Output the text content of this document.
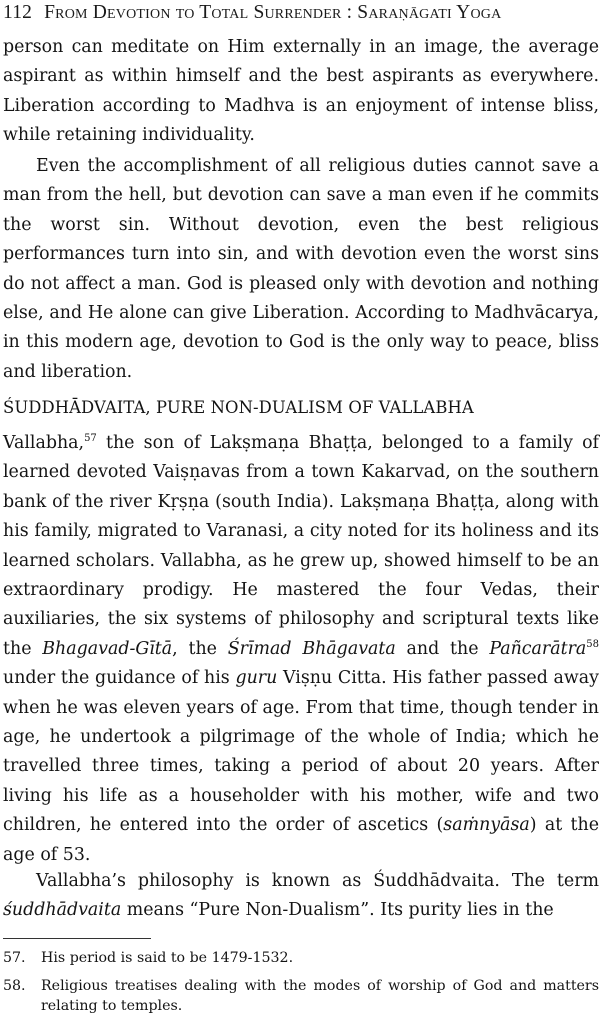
112 From Devotion to Total Surrender : Saraṇāgati Yoga

person can meditate on Him externally in an image, the average aspirant as within himself and the best aspirants as everywhere. Liberation according to Madhva is an enjoyment of intense bliss, while retaining individuality.

Even the accomplishment of all religious duties cannot save a man from the hell, but devotion can save a man even if he commits the worst sin. Without devotion, even the best religious performances turn into sin, and with devotion even the worst sins do not affect a man. God is pleased only with devotion and nothing else, and He alone can give Liberation. According to Madhvācarya, in this modern age, devotion to God is the only way to peace, bliss and liberation.

ŚUDDHĀDVAITA, PURE NON-DUALISM OF VALLABHA

Vallabha,$^{57}$ the son of Lakṣmaṇa Bhaṭṭa, belonged to a family of learned devoted Vaiṣṇavas from a town Kakarvad, on the southern bank of the river Kṛṣṇa (south India). Lakṣmaṇa Bhaṭṭa, along with his family, migrated to Varanasi, a city noted for its holiness and its learned scholars. Vallabha, as he grew up, showed himself to be an extraordinary prodigy. He mastered the four Vedas, their auxiliaries, the six systems of philosophy and scriptural texts like the Bhagavad-Gītā, the Śrīmad Bhāgavata and the Pañcarātra$^{58}$ under the guidance of his guru Viṣṇu Citta. His father passed away when he was eleven years of age. From that time, though tender in age, he undertook a pilgrimage of the whole of India; which he travelled three times, taking a period of about 20 years. After living his life as a householder with his mother, wife and two children, he entered into the order of ascetics (saṁnyāsa) at the age of 53.

Vallabha’s philosophy is known as Śuddhādvaita. The term śuddhādvaita means “Pure Non-Dualism”. Its purity lies in the

57.	His period is said to be 1479-1532.
58.	Religious treatises dealing with the modes of worship of God and matters relating to temples.
